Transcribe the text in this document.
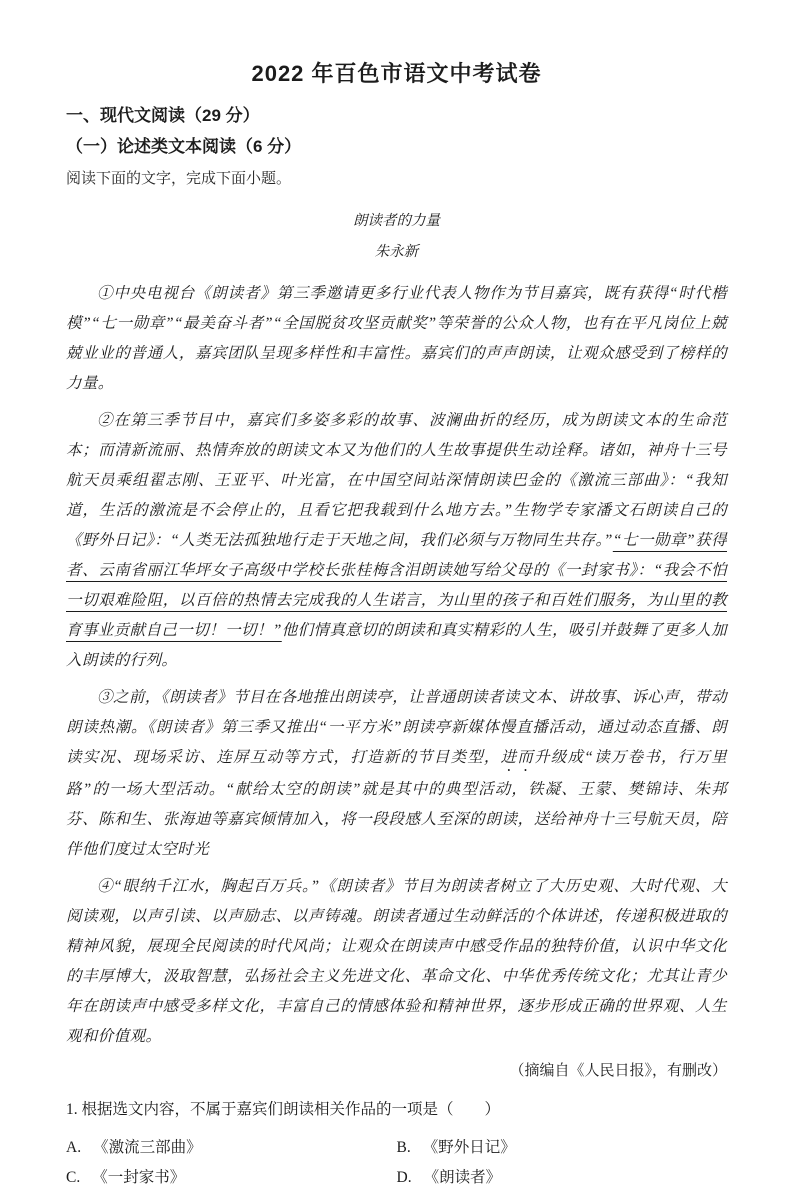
2022 年百色市语文中考试卷
一、现代文阅读（29 分）
（一）论述类文本阅读（6 分）

阅读下面的文字，完成下面小题。

朗读者的力量

朱永新

①中央电视台《朗读者》第三季邀请更多行业代表人物作为节目嘉宾，既有获得“时代楷模”“七一勋章”“最美奋斗者”“全国脱贫攻坚贡献奖”等荣誉的公众人物，也有在平凡岗位上兢兢业业的普通人，嘉宾团队呈现多样性和丰富性。嘉宾们的声声朗读，让观众感受到了榜样的力量。

②在第三季节目中，嘉宾们多姿多彩的故事、波澜曲折的经历，成为朗读文本的生命范本；而清新流丽、热情奔放的朗读文本又为他们的人生故事提供生动诠释。诸如，神舟十三号航天员乘组翟志刚、王亚平、叶光富，在中国空间站深情朗读巴金的《激流三部曲》：“我知道，生活的激流是不会停止的，且看它把我载到什么地方去。”生物学专家潘文石朗读自己的《野外日记》：“人类无法孤独地行走于天地之间，我们必须与万物同生共存。”“七一勋章”获得者、云南省丽江华坪女子高级中学校长张桂梅含泪朗读她写给父母的《一封家书》：“我会不怕一切艰难险阻，以百倍的热情去完成我的人生诺言，为山里的孩子和百姓们服务，为山里的教育事业贡献自己一切！一切！”他们情真意切的朗读和真实精彩的人生，吸引并鼓舞了更多人加入朗读的行列。

③之前，《朗读者》节目在各地推出朗读亭，让普通朗读者读文本、讲故事、诉心声，带动朗读热潮。《朗读者》第三季又推出“一平方米”朗读亭新媒体慢直播活动，通过动态直播、朗读实况、现场采访、连屏互动等方式，打造新的节目类型，进而升级成“读万卷书，行万里路”的一场大型活动。“献给太空的朗读”就是其中的典型活动，铁凝、王蒙、樊锦诗、朱邦芬、陈和生、张海迪等嘉宾倾情加入，将一段段感人至深的朗读，送给神舟十三号航天员，陪伴他们度过太空时光

④“眼纳千江水，胸起百万兵。”《朗读者》节目为朗读者树立了大历史观、大时代观、大阅读观，以声引读、以声励志、以声铸魂。朗读者通过生动鲜活的个体讲述，传递积极进取的精神风貌，展现全民阅读的时代风尚；让观众在朗读声中感受作品的独特价值，认识中华文化的丰厚博大，汲取智慧，弘扬社会主义先进文化、革命文化、中华优秀传统文化；尤其让青少年在朗读声中感受多样文化，丰富自己的情感体验和精神世界，逐步形成正确的世界观、人生观和价值观。

（摘编自《人民日报》，有删改）

1. 根据选文内容，不属于嘉宾们朗读相关作品的一项是（　　）

A. 《激流三部曲》	B. 《野外日记》
C. 《一封家书》	D. 《朗读者》
